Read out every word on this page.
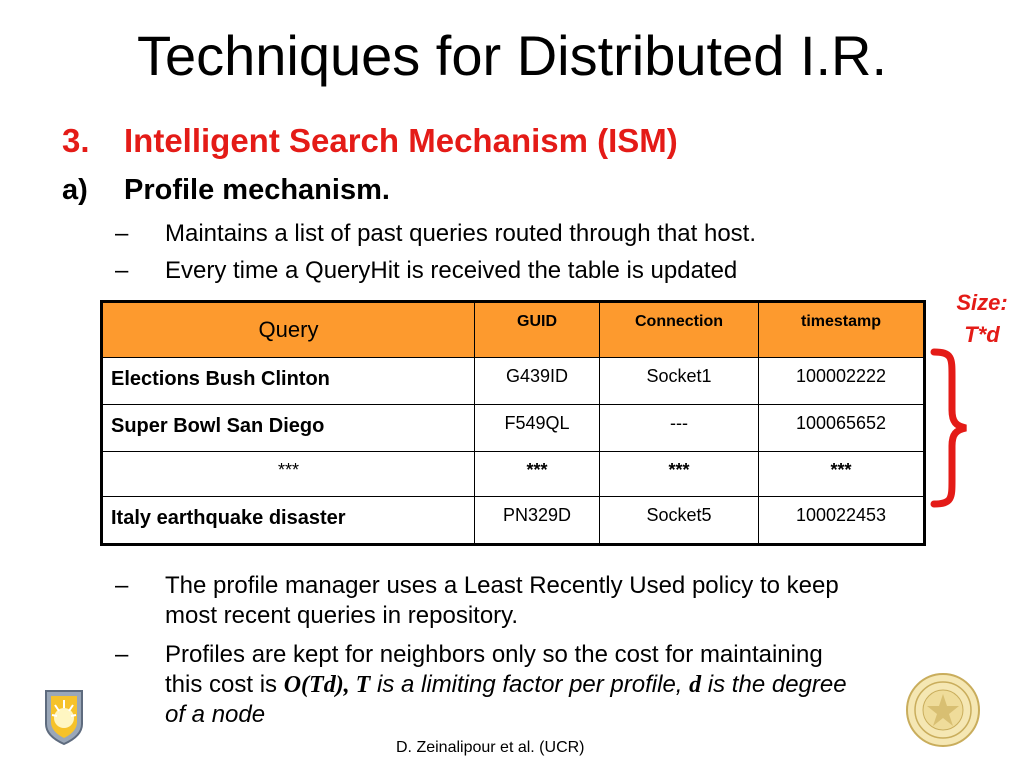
Techniques for Distributed I.R.
3. Intelligent Search Mechanism (ISM)
a) Profile mechanism.
– Maintains a list of past queries routed through that host.
– Every time a QueryHit is received the table is updated
Query	GUID	Connection	timestamp
Elections Bush Clinton	G439ID	Socket1	100002222
Super Bowl San Diego	F549QL	---	100065652
***	***	***	***
Italy earthquake disaster	PN329D	Socket5	100022453
Size:
T*d
– The profile manager uses a Least Recently Used policy to keep
most recent queries in repository.
– Profiles are kept for neighbors only so the cost for maintaining
this cost is O(Td), T is a limiting factor per profile, d is the degree
of a node
D. Zeinalipour et al. (UCR)
